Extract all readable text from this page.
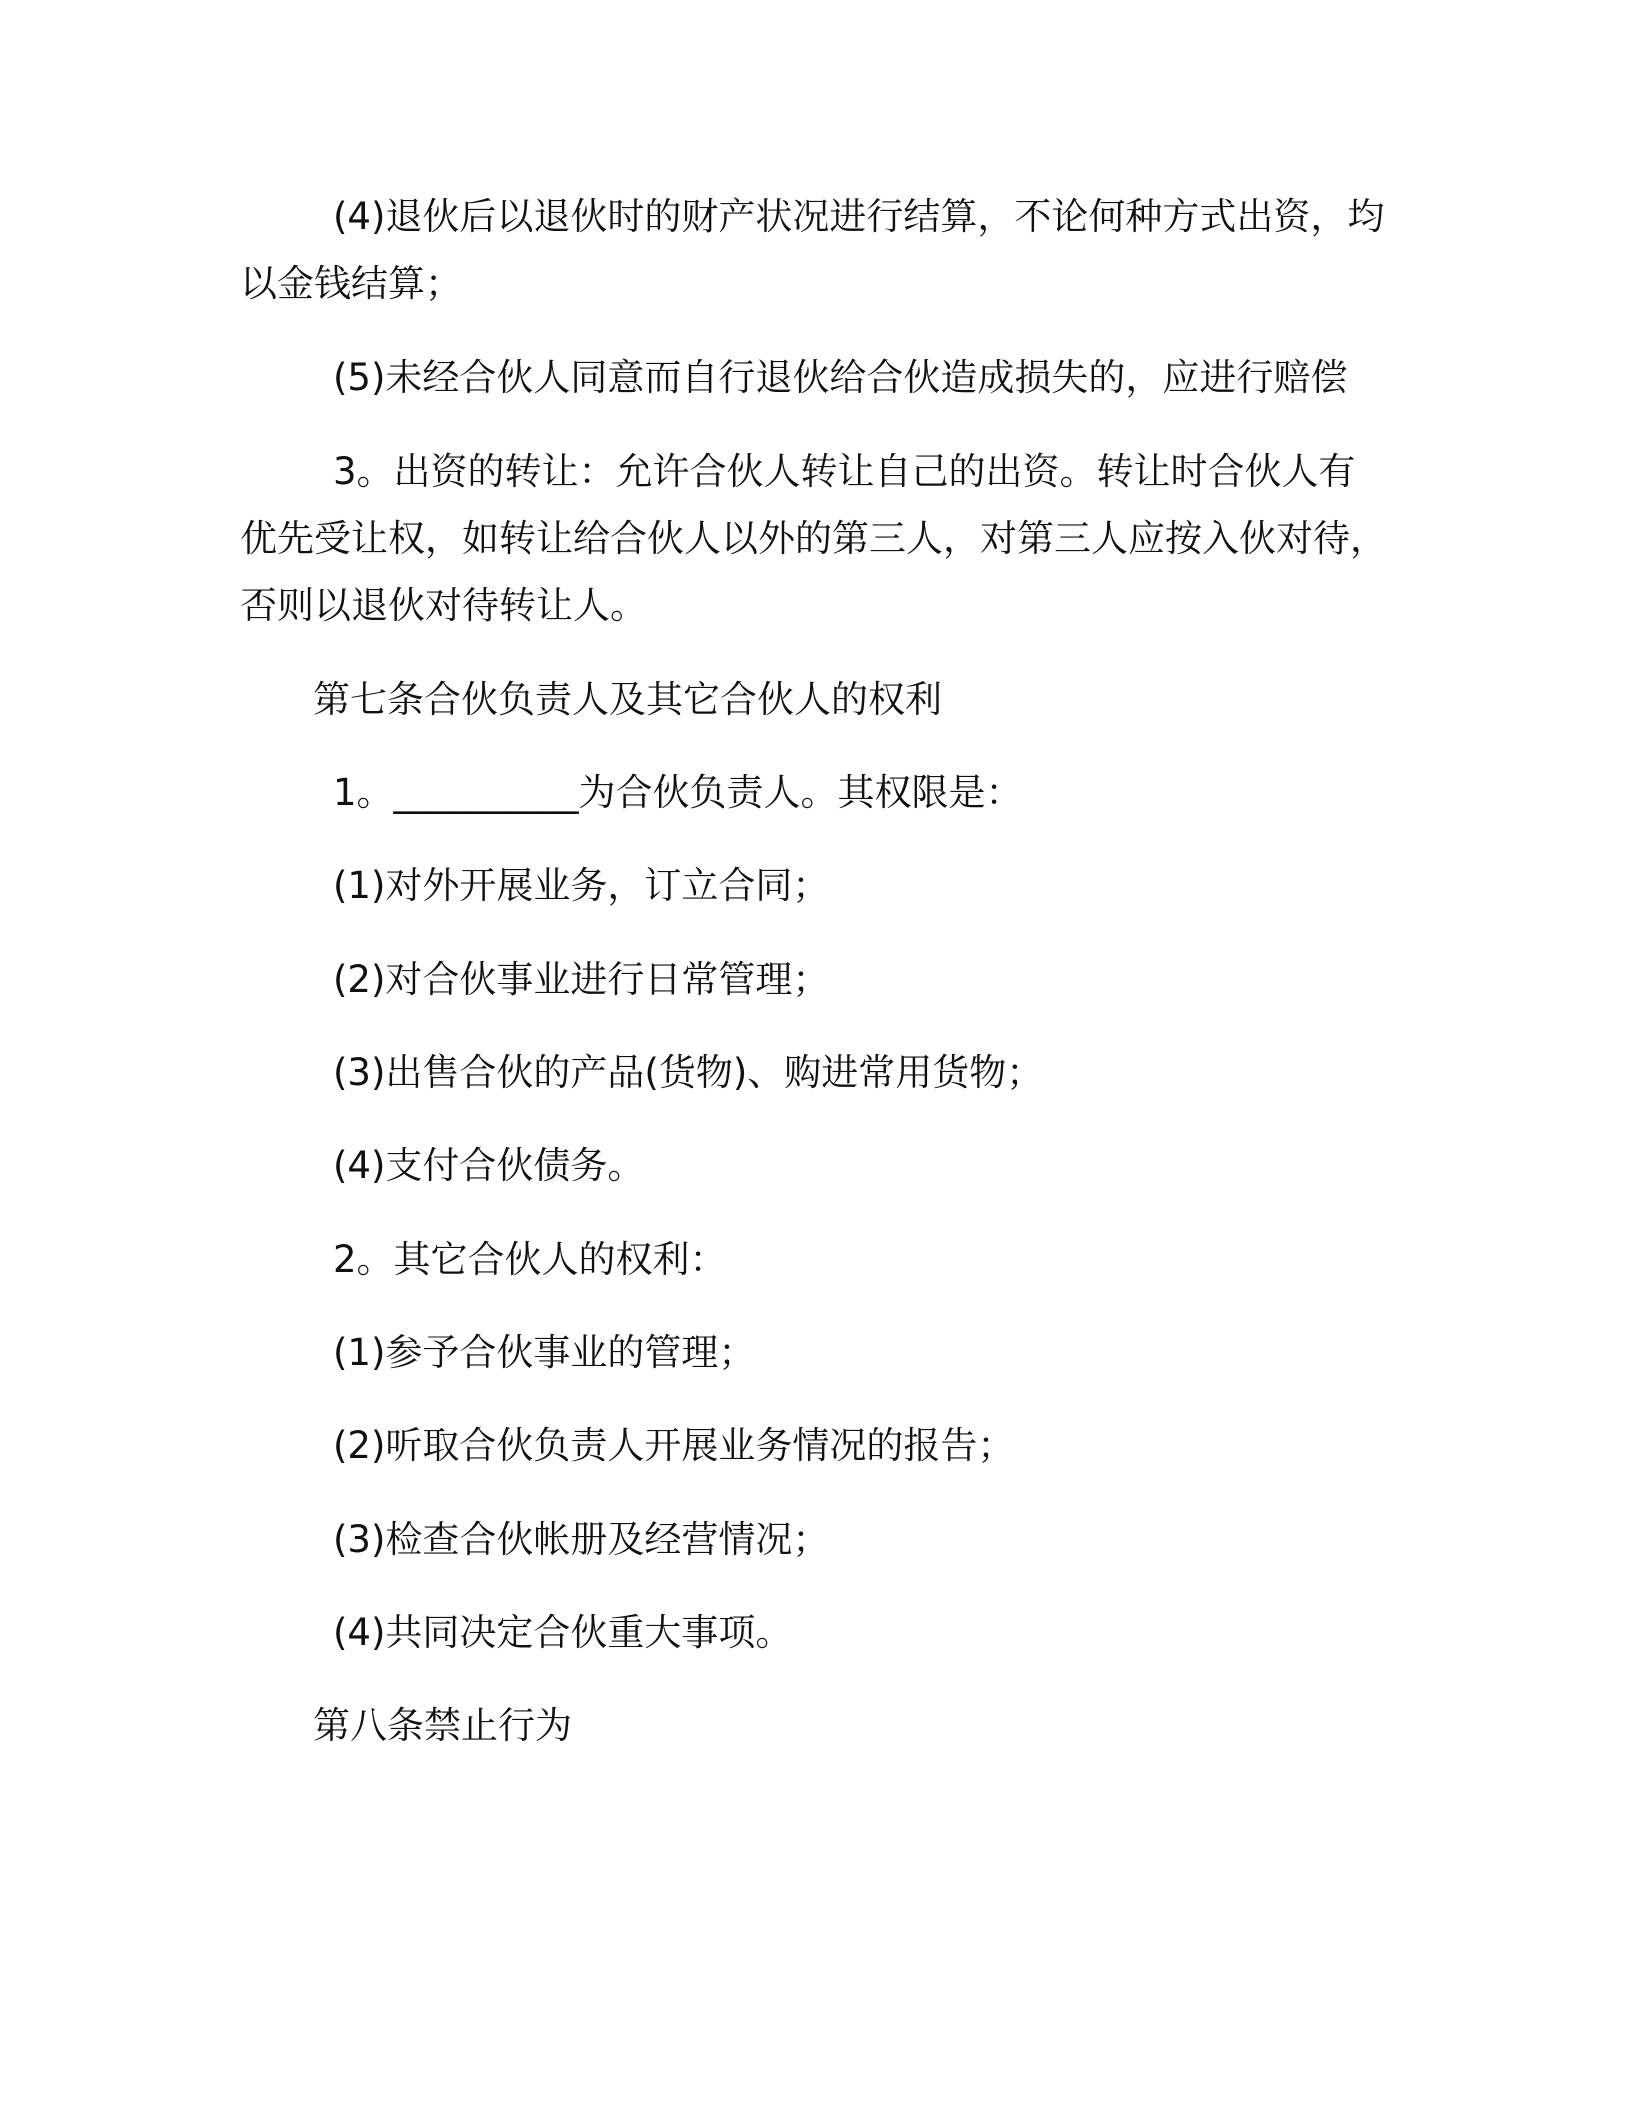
(4)退伙后以退伙时的财产状况进行结算，不论何种方式出资，均
以金钱结算；
(5)未经合伙人同意而自行退伙给合伙造成损失的，应进行赔偿
3。出资的转让：允许合伙人转让自己的出资。转让时合伙人有
优先受让权，如转让给合伙人以外的第三人，对第三人应按入伙对待，
否则以退伙对待转让人。
第七条合伙负责人及其它合伙人的权利
1。__________为合伙负责人。其权限是：
(1)对外开展业务，订立合同；
(2)对合伙事业进行日常管理；
(3)出售合伙的产品(货物)、购进常用货物；
(4)支付合伙债务。
2。其它合伙人的权利：
(1)参予合伙事业的管理；
(2)听取合伙负责人开展业务情况的报告；
(3)检查合伙帐册及经营情况；
(4)共同决定合伙重大事项。
第八条禁止行为
